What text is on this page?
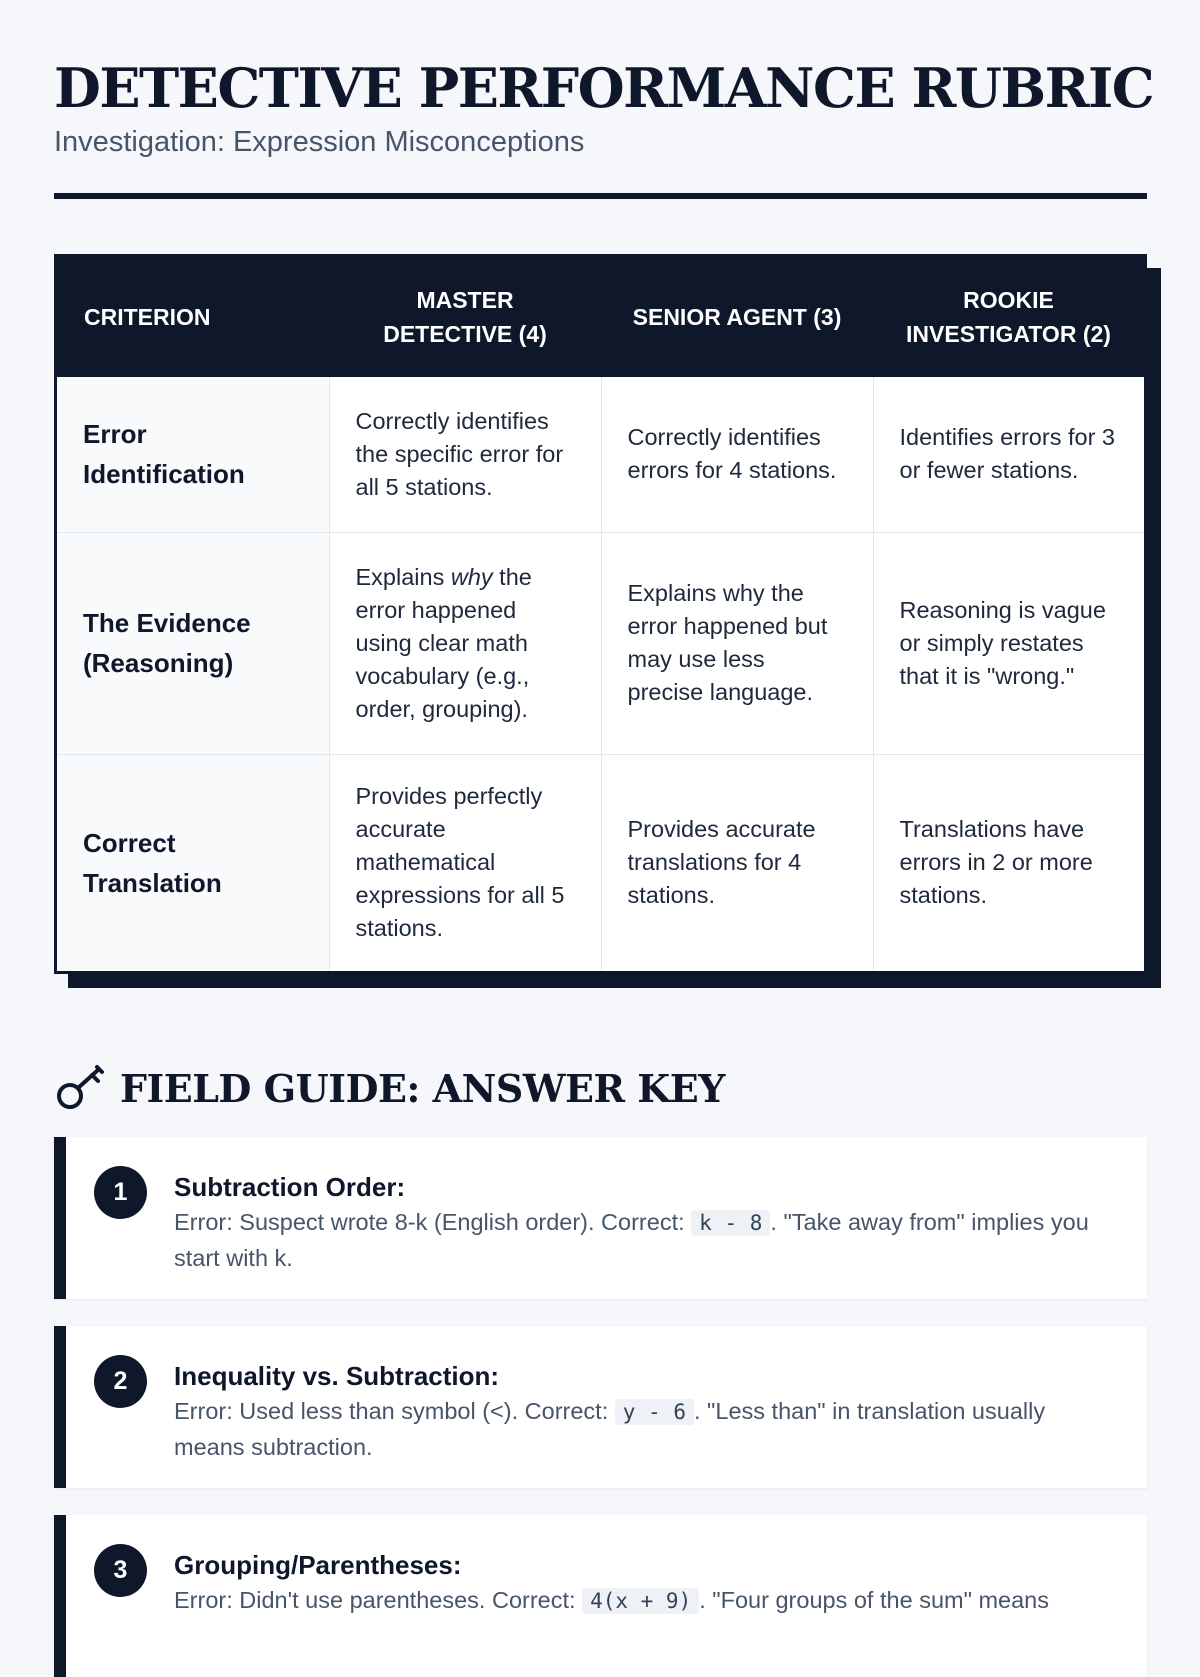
DETECTIVE PERFORMANCE RUBRIC
Investigation: Expression Misconceptions
CRITERION	MASTER DETECTIVE (4)	SENIOR AGENT (3)	ROOKIE INVESTIGATOR (2)
Error Identification	Correctly identifies the specific error for all 5 stations.	Correctly identifies errors for 4 stations.	Identifies errors for 3 or fewer stations.
The Evidence (Reasoning)	Explains why the error happened using clear math vocabulary (e.g., order, grouping).	Explains why the error happened but may use less precise language.	Reasoning is vague or simply restates that it is "wrong."
Correct Translation	Provides perfectly accurate mathematical expressions for all 5 stations.	Provides accurate translations for 4 stations.	Translations have errors in 2 or more stations.
FIELD GUIDE: ANSWER KEY
1	Subtraction Order:
Error: Suspect wrote 8-k (English order). Correct: k - 8 . "Take away from" implies you start with k.
2	Inequality vs. Subtraction:
Error: Used less than symbol (<). Correct: y - 6 . "Less than" in translation usually means subtraction.
3	Grouping/Parentheses:
Error: Didn't use parentheses. Correct: 4(x + 9) . "Four groups of the sum" means
